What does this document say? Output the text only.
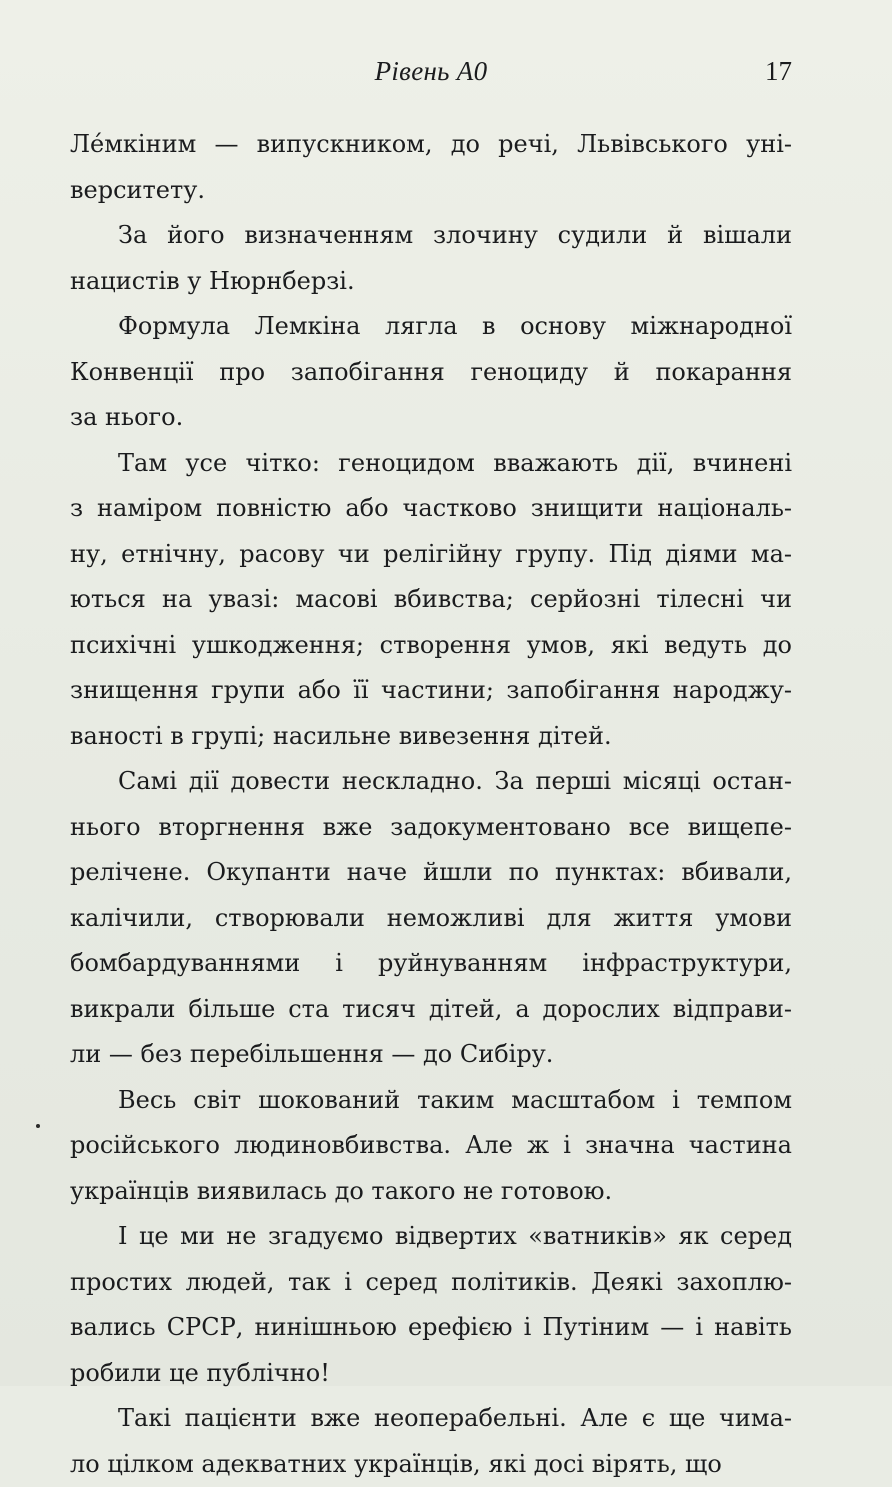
Рівень А0	17
Ле́мкіним — випускником, до речі, Львівського уні-
верситету.
За його визначенням злочину судили й вішали
нацистів у Нюрнберзі.
Формула Лемкіна лягла в основу міжнародної
Конвенції про запобігання геноциду й покарання
за нього.
Там усе чітко: геноцидом вважають дії, вчинені
з наміром повністю або частково знищити національ-
ну, етнічну, расову чи релігійну групу. Під діями ма-
ються на увазі: масові вбивства; серйозні тілесні чи
психічні ушкодження; створення умов, які ведуть до
знищення групи або її частини; запобігання народжу-
ваності в групі; насильне вивезення дітей.
Самі дії довести нескладно. За перші місяці остан-
нього вторгнення вже задокументовано все вищепе-
релічене. Окупанти наче йшли по пунктах: вбивали,
калічили, створювали неможливі для життя умови
бомбардуваннями і руйнуванням інфраструктури,
викрали більше ста тисяч дітей, а дорослих відправи-
ли — без перебільшення — до Сибіру.
Весь світ шокований таким масштабом і темпом
російського людиновбивства. Але ж і значна частина
українців виявилась до такого не готовою.
І це ми не згадуємо відвертих «ватників» як серед
простих людей, так і серед політиків. Деякі захоплю-
вались СРСР, нинішньою ерефією і Путіним — і навіть
робили це публічно!
Такі пацієнти вже неоперабельні. Але є ще чима-
ло цілком адекватних українців, які досі вірять, що
